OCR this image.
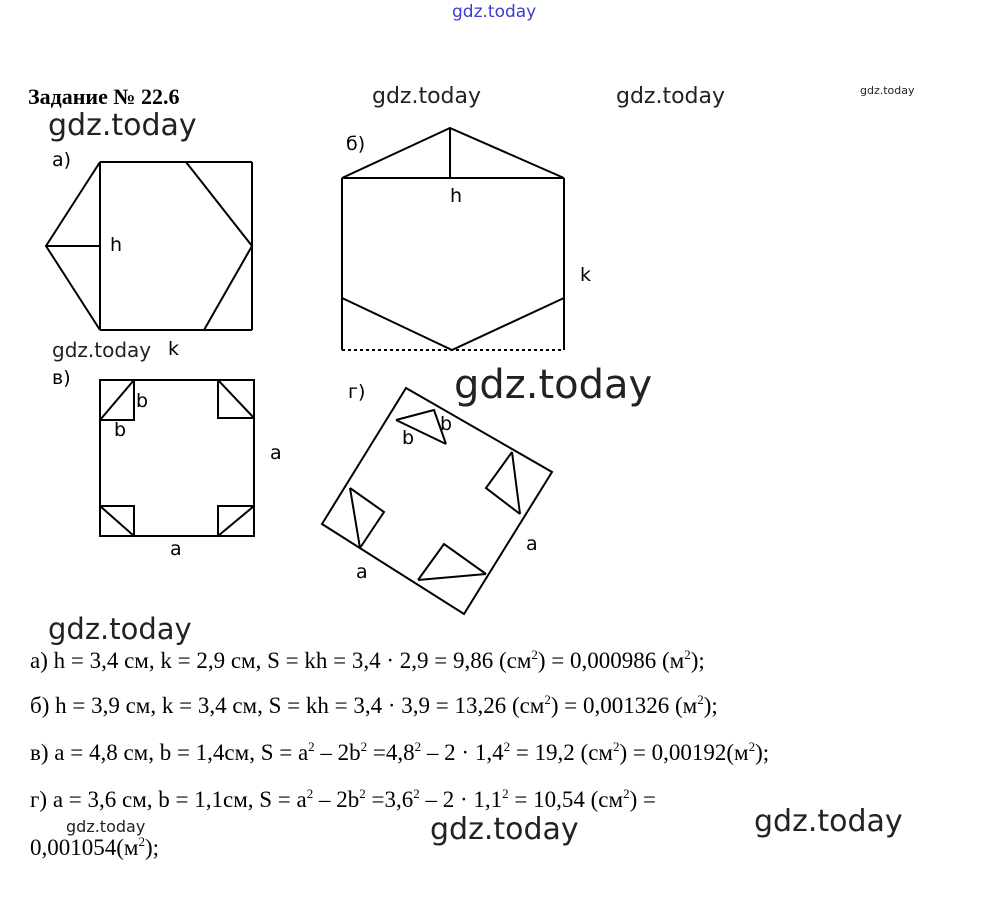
gdz.today
Задание № 22.6	gdz.today	gdz.today	gdz.today
gdz.today
а)
h
k
б)
h
k
в)
b
b
a
a
г)
b
b
a
a
gdz.today
gdz.today
gdz.today
а) h = 3,4 см, k = 2,9 см, S = kh = 3,4 · 2,9 = 9,86 $(см^2) = 0,000986$ $(м^2)$;
б) h = 3,9 см, k = 3,4 см, S = kh = 3,4 · 3,9 = 13,26 $(см^2) = 0,001326$ $(м^2)$;
в) a = 4,8 см, b = 1,4см, $S = a^2 - 2b^2 =4,8^2 - 2 \cdot 1,4^2 = 19,2$ $(см^2) = 0,00192(м^2)$;
г) a = 3,6 см, b = 1,1см, $S = a^2 - 2b^2 =3,6^2 - 2 \cdot 1,1^2 = 10,54$ $(см^2)$ =
$0,001054(м^2)$;
gdz.today	gdz.today	gdz.today
